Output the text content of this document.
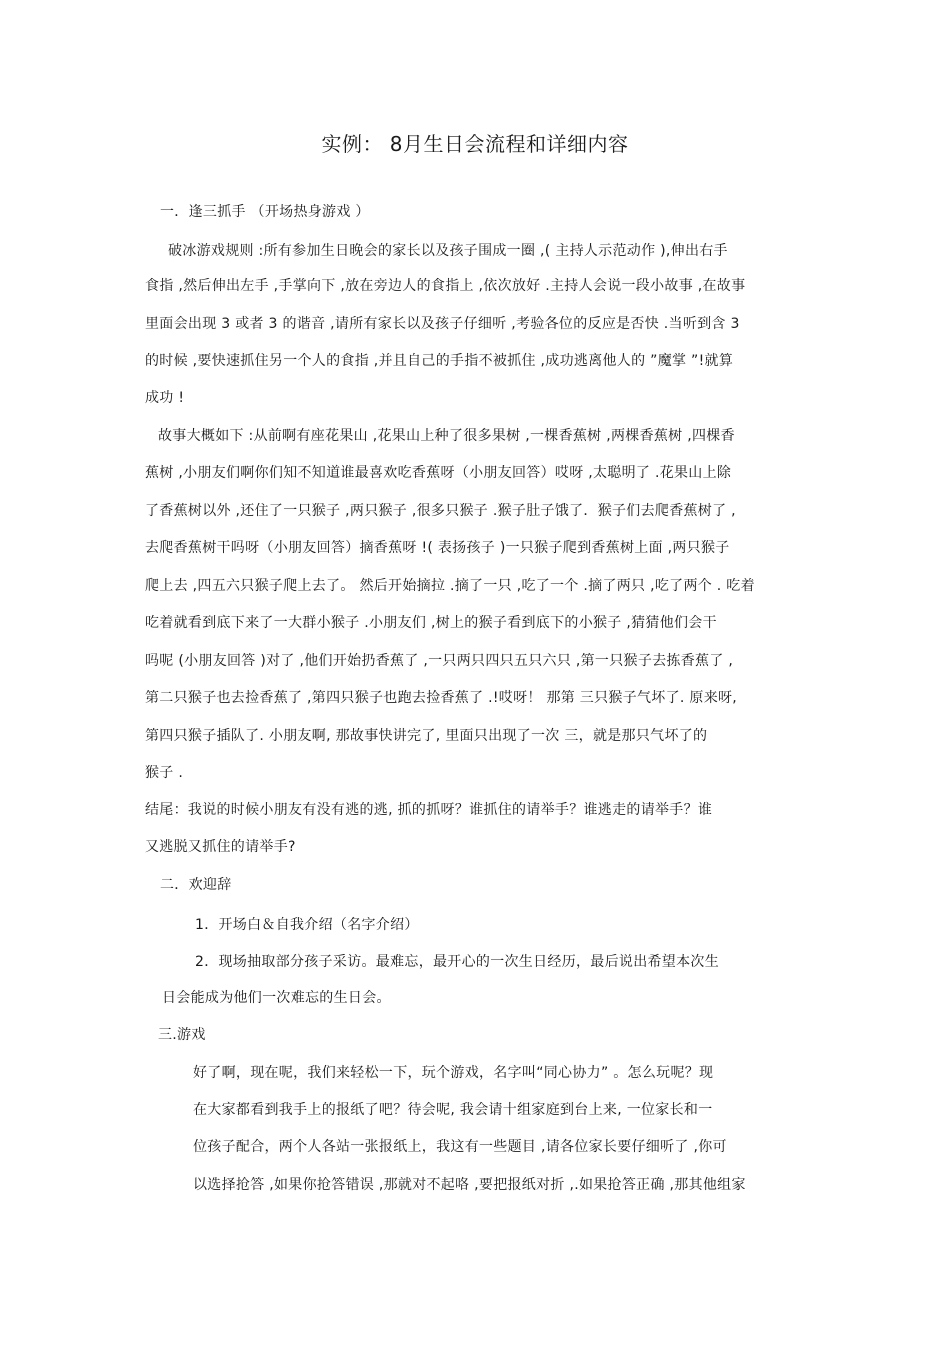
实例： 8月生日会流程和详细内容
一．逢三抓手 （开场热身游戏 ）
破冰游戏规则 :所有参加生日晚会的家长以及孩子围成一圈 ,( 主持人示范动作 ),伸出右手
食指 ,然后伸出左手 ,手掌向下 ,放在旁边人的食指上 ,依次放好 .主持人会说一段小故事 ,在故事
里面会出现 3 或者 3 的谐音 ,请所有家长以及孩子仔细听 ,考验各位的反应是否快 .当听到含 3
的时候 ,要快速抓住另一个人的食指 ,并且自己的手指不被抓住 ,成功逃离他人的 ”魔掌 ”!就算
成功 !
故事大概如下 :从前啊有座花果山 ,花果山上种了很多果树 ,一棵香蕉树 ,两棵香蕉树 ,四棵香
蕉树 ,小朋友们啊你们知不知道谁最喜欢吃香蕉呀（小朋友回答）哎呀 ,太聪明了 .花果山上除
了香蕉树以外 ,还住了一只猴子 ,两只猴子 ,很多只猴子 .猴子肚子饿了．猴子们去爬香蕉树了 ,
去爬香蕉树干吗呀（小朋友回答）摘香蕉呀 !( 表扬孩子 )一只猴子爬到香蕉树上面 ,两只猴子
爬上去 ,四五六只猴子爬上去了。 然后开始摘拉 .摘了一只 ,吃了一个 .摘了两只 ,吃了两个 . 吃着
吃着就看到底下来了一大群小猴子 .小朋友们 ,树上的猴子看到底下的小猴子 ,猜猜他们会干
吗呢 (小朋友回答 )对了 ,他们开始扔香蕉了 ,一只两只四只五只六只 ,第一只猴子去拣香蕉了 ,
第二只猴子也去捡香蕉了 ,第四只猴子也跑去捡香蕉了 .!哎呀！ 那第 三只猴子气坏了. 原来呀,
第四只猴子插队了. 小朋友啊, 那故事快讲完了, 里面只出现了一次 三，就是那只气坏了的
猴子 .
结尾：我说的时候小朋友有没有逃的逃, 抓的抓呀？谁抓住的请举手？谁逃走的请举手？谁
又逃脱又抓住的请举手?
二．欢迎辞
1．开场白＆自我介绍（名字介绍）
2．现场抽取部分孩子采访。最难忘，最开心的一次生日经历，最后说出希望本次生
日会能成为他们一次难忘的生日会。
三.游戏
好了啊，现在呢，我们来轻松一下，玩个游戏，名字叫“同心协力” 。怎么玩呢？现
在大家都看到我手上的报纸了吧？待会呢, 我会请十组家庭到台上来, 一位家长和一
位孩子配合，两个人各站一张报纸上，我这有一些题目 ,请各位家长要仔细听了 ,你可
以选择抢答 ,如果你抢答错误 ,那就对不起咯 ,要把报纸对折 ,.如果抢答正确 ,那其他组家
